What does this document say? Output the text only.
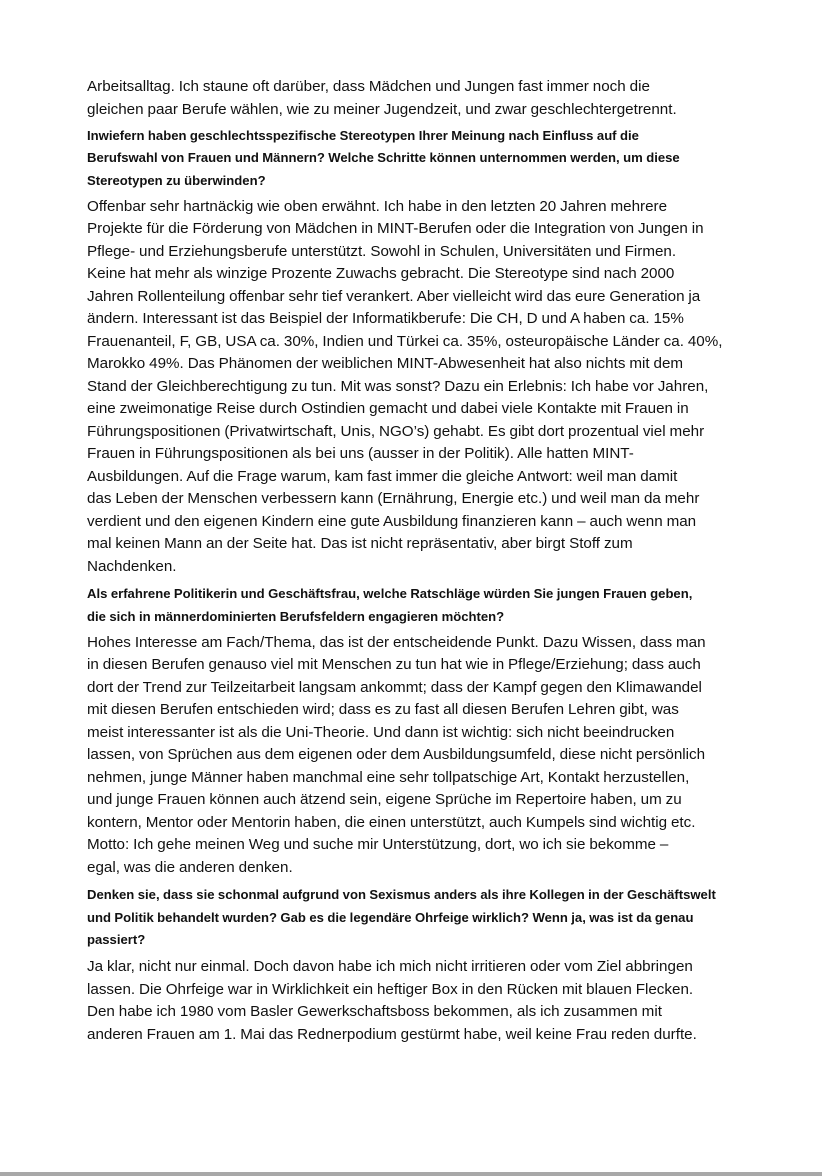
Arbeitsalltag. Ich staune oft darüber, dass Mädchen und Jungen fast immer noch die
gleichen paar Berufe wählen, wie zu meiner Jugendzeit, und zwar geschlechtergetrennt.

Inwiefern haben geschlechtsspezifische Stereotypen Ihrer Meinung nach Einfluss auf die
Berufswahl von Frauen und Männern? Welche Schritte können unternommen werden, um diese
Stereotypen zu überwinden?

Offenbar sehr hartnäckig wie oben erwähnt. Ich habe in den letzten 20 Jahren mehrere
Projekte für die Förderung von Mädchen in MINT-Berufen oder die Integration von Jungen in
Pflege- und Erziehungsberufe unterstützt. Sowohl in Schulen, Universitäten und Firmen.
Keine hat mehr als winzige Prozente Zuwachs gebracht. Die Stereotype sind nach 2000
Jahren Rollenteilung offenbar sehr tief verankert. Aber vielleicht wird das eure Generation ja
ändern. Interessant ist das Beispiel der Informatikberufe: Die CH, D und A haben ca. 15%
Frauenanteil, F, GB, USA ca. 30%, Indien und Türkei ca. 35%, osteuropäische Länder ca. 40%,
Marokko 49%. Das Phänomen der weiblichen MINT-Abwesenheit hat also nichts mit dem
Stand der Gleichberechtigung zu tun. Mit was sonst? Dazu ein Erlebnis: Ich habe vor Jahren,
eine zweimonatige Reise durch Ostindien gemacht und dabei viele Kontakte mit Frauen in
Führungspositionen (Privatwirtschaft, Unis, NGO’s) gehabt. Es gibt dort prozentual viel mehr
Frauen in Führungspositionen als bei uns (ausser in der Politik). Alle hatten MINT-
Ausbildungen. Auf die Frage warum, kam fast immer die gleiche Antwort: weil man damit
das Leben der Menschen verbessern kann (Ernährung, Energie etc.) und weil man da mehr
verdient und den eigenen Kindern eine gute Ausbildung finanzieren kann – auch wenn man
mal keinen Mann an der Seite hat. Das ist nicht repräsentativ, aber birgt Stoff zum
Nachdenken.

Als erfahrene Politikerin und Geschäftsfrau, welche Ratschläge würden Sie jungen Frauen geben,
die sich in männerdominierten Berufsfeldern engagieren möchten?

Hohes Interesse am Fach/Thema, das ist der entscheidende Punkt. Dazu Wissen, dass man
in diesen Berufen genauso viel mit Menschen zu tun hat wie in Pflege/Erziehung; dass auch
dort der Trend zur Teilzeitarbeit langsam ankommt; dass der Kampf gegen den Klimawandel
mit diesen Berufen entschieden wird; dass es zu fast all diesen Berufen Lehren gibt, was
meist interessanter ist als die Uni-Theorie. Und dann ist wichtig: sich nicht beeindrucken
lassen, von Sprüchen aus dem eigenen oder dem Ausbildungsumfeld, diese nicht persönlich
nehmen, junge Männer haben manchmal eine sehr tollpatschige Art, Kontakt herzustellen,
und junge Frauen können auch ätzend sein, eigene Sprüche im Repertoire haben, um zu
kontern, Mentor oder Mentorin haben, die einen unterstützt, auch Kumpels sind wichtig etc.
Motto: Ich gehe meinen Weg und suche mir Unterstützung, dort, wo ich sie bekomme –
egal, was die anderen denken.

Denken sie, dass sie schonmal aufgrund von Sexismus anders als ihre Kollegen in der Geschäftswelt
und Politik behandelt wurden? Gab es die legendäre Ohrfeige wirklich? Wenn ja, was ist da genau
passiert?

Ja klar, nicht nur einmal. Doch davon habe ich mich nicht irritieren oder vom Ziel abbringen
lassen. Die Ohrfeige war in Wirklichkeit ein heftiger Box in den Rücken mit blauen Flecken.
Den habe ich 1980 vom Basler Gewerkschaftsboss bekommen, als ich zusammen mit
anderen Frauen am 1. Mai das Rednerpodium gestürmt habe, weil keine Frau reden durfte.
